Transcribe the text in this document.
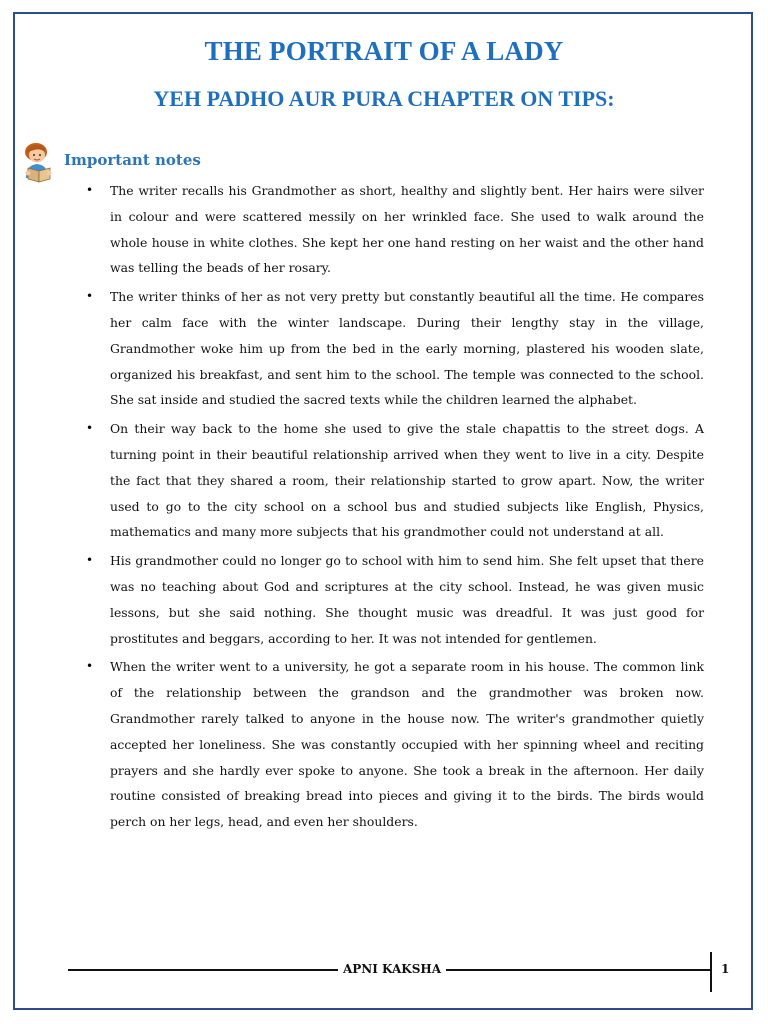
THE PORTRAIT OF A LADY
YEH PADHO AUR PURA CHAPTER ON TIPS:
Important notes
• The writer recalls his Grandmother as short, healthy and slightly bent. Her hairs were silver in colour and were scattered messily on her wrinkled face. She used to walk around the whole house in white clothes. She kept her one hand resting on her waist and the other hand was telling the beads of her rosary.
• The writer thinks of her as not very pretty but constantly beautiful all the time. He compares her calm face with the winter landscape. During their lengthy stay in the village, Grandmother woke him up from the bed in the early morning, plastered his wooden slate, organized his breakfast, and sent him to the school. The temple was connected to the school. She sat inside and studied the sacred texts while the children learned the alphabet.
• On their way back to the home she used to give the stale chapattis to the street dogs. A turning point in their beautiful relationship arrived when they went to live in a city. Despite the fact that they shared a room, their relationship started to grow apart. Now, the writer used to go to the city school on a school bus and studied subjects like English, Physics, mathematics and many more subjects that his grandmother could not understand at all.
• His grandmother could no longer go to school with him to send him. She felt upset that there was no teaching about God and scriptures at the city school. Instead, he was given music lessons, but she said nothing. She thought music was dreadful. It was just good for prostitutes and beggars, according to her. It was not intended for gentlemen.
• When the writer went to a university, he got a separate room in his house. The common link of the relationship between the grandson and the grandmother was broken now. Grandmother rarely talked to anyone in the house now. The writer's grandmother quietly accepted her loneliness. She was constantly occupied with her spinning wheel and reciting prayers and she hardly ever spoke to anyone. She took a break in the afternoon. Her daily routine consisted of breaking bread into pieces and giving it to the birds. The birds would perch on her legs, head, and even her shoulders.
APNI KAKSHA	1
